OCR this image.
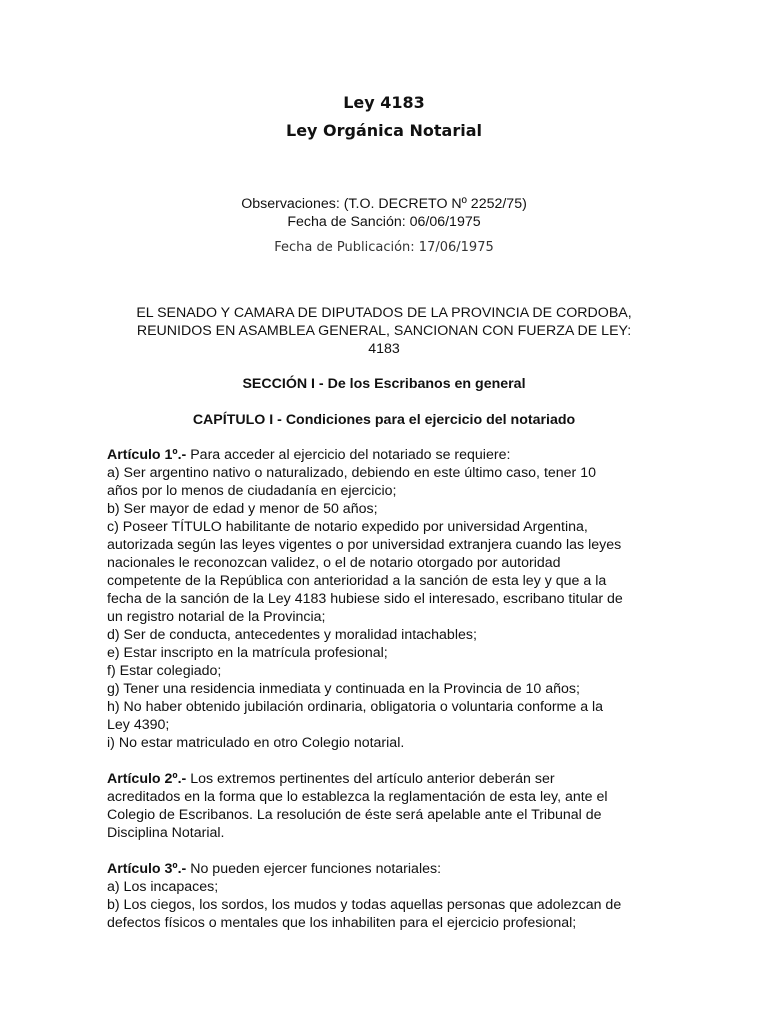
Ley 4183
Ley Orgánica Notarial
Observaciones: (T.O. DECRETO Nº 2252/75)
Fecha de Sanción: 06/06/1975
Fecha de Publicación: 17/06/1975
EL SENADO Y CAMARA DE DIPUTADOS DE LA PROVINCIA DE CORDOBA,
REUNIDOS EN ASAMBLEA GENERAL, SANCIONAN CON FUERZA DE LEY:
4183
SECCIÓN I - De los Escribanos en general
CAPÍTULO I - Condiciones para el ejercicio del notariado
Artículo 1º.- Para acceder al ejercicio del notariado se requiere:
a) Ser argentino nativo o naturalizado, debiendo en este último caso, tener 10
años por lo menos de ciudadanía en ejercicio;
b) Ser mayor de edad y menor de 50 años;
c) Poseer TÍTULO habilitante de notario expedido por universidad Argentina,
autorizada según las leyes vigentes o por universidad extranjera cuando las leyes
nacionales le reconozcan validez, o el de notario otorgado por autoridad
competente de la República con anterioridad a la sanción de esta ley y que a la
fecha de la sanción de la Ley 4183 hubiese sido el interesado, escribano titular de
un registro notarial de la Provincia;
d) Ser de conducta, antecedentes y moralidad intachables;
e) Estar inscripto en la matrícula profesional;
f) Estar colegiado;
g) Tener una residencia inmediata y continuada en la Provincia de 10 años;
h) No haber obtenido jubilación ordinaria, obligatoria o voluntaria conforme a la
Ley 4390;
i) No estar matriculado en otro Colegio notarial.
Artículo 2º.- Los extremos pertinentes del artículo anterior deberán ser
acreditados en la forma que lo establezca la reglamentación de esta ley, ante el
Colegio de Escribanos. La resolución de éste será apelable ante el Tribunal de
Disciplina Notarial.
Artículo 3º.- No pueden ejercer funciones notariales:
a) Los incapaces;
b) Los ciegos, los sordos, los mudos y todas aquellas personas que adolezcan de
defectos físicos o mentales que los inhabiliten para el ejercicio profesional;
